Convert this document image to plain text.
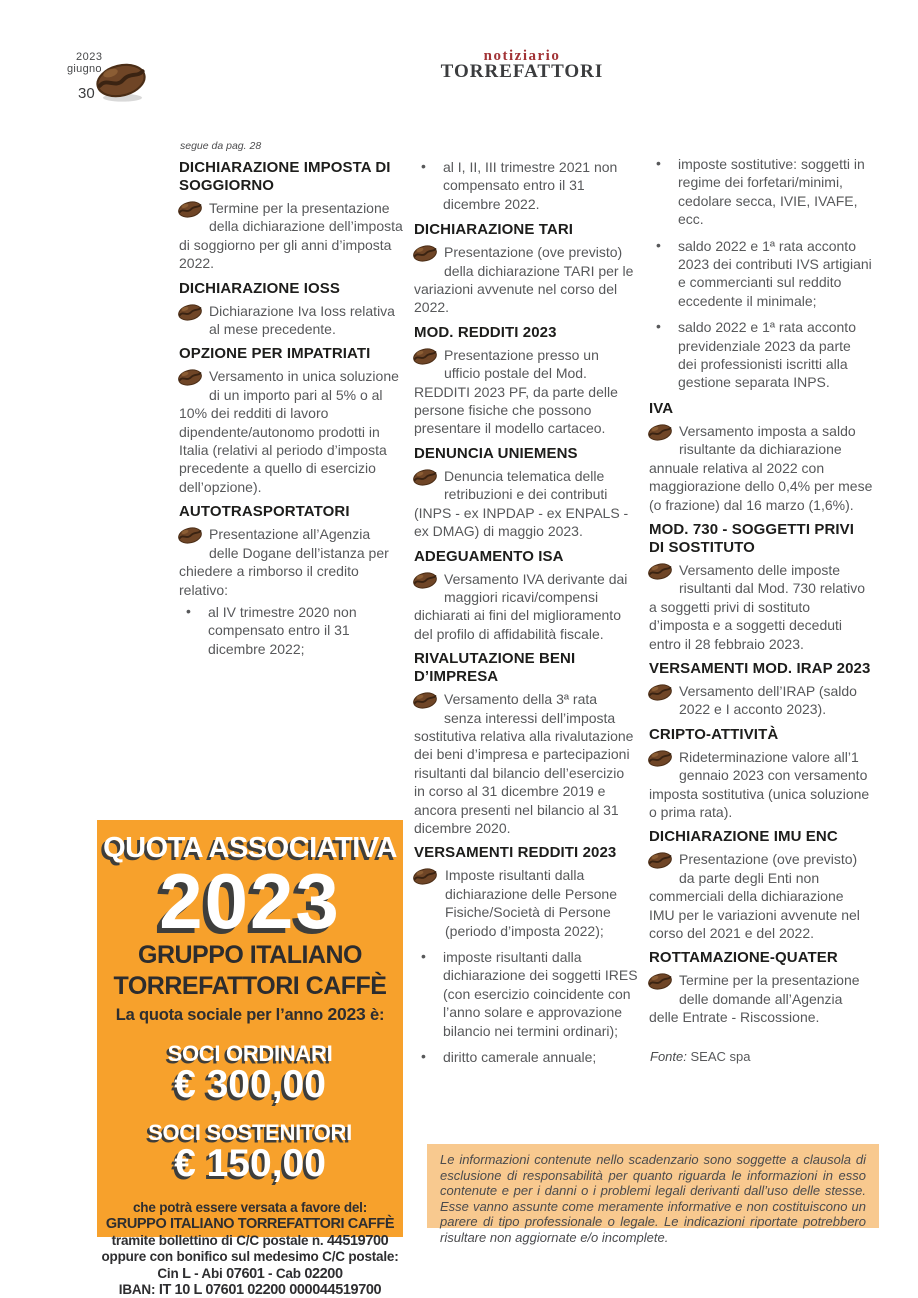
2023
giugno
30
notiziario
TORREFATTORI
segue da pag. 28
DICHIARAZIONE IMPOSTA DI SOGGIORNO

Termine per la presentazione della dichiarazione dell’imposta di soggiorno per gli anni d’imposta 2022.

DICHIARAZIONE IOSS

Dichiarazione Iva Ioss relativa al mese precedente.

OPZIONE PER IMPATRIATI

Versamento in unica soluzione di un importo pari al 5% o al 10% dei redditi di lavoro dipendente/autonomo prodotti in Italia (relativi al periodo d’imposta precedente a quello di esercizio dell’opzione).

AUTOTRASPORTATORI

Presentazione all’Agenzia delle Dogane dell’istanza per chiedere a rimborso il credito relativo:

• al IV trimestre 2020 non compensato entro il 31 dicembre 2022;
• al I, II, III trimestre 2021 non compensato entro il 31 dicembre 2022.
DICHIARAZIONE TARI

Presentazione (ove previsto) della dichiarazione TARI per le variazioni avvenute nel corso del 2022.

MOD. REDDITI 2023

Presentazione presso un ufficio postale del Mod. REDDITI 2023 PF, da parte delle persone fisiche che possono presentare il modello cartaceo.

DENUNCIA UNIEMENS

Denuncia telematica delle retribuzioni e dei contributi (INPS - ex INPDAP - ex ENPALS - ex DMAG) di maggio 2023.

ADEGUAMENTO ISA

Versamento IVA derivante dai maggiori ricavi/compensi dichiarati ai fini del miglioramento del profilo di affidabilità fiscale.

RIVALUTAZIONE BENI D’IMPRESA

Versamento della 3ª rata senza interessi dell’imposta sostitutiva relativa alla rivalutazione dei beni d’impresa e partecipazioni risultanti dal bilancio dell’esercizio in corso al 31 dicembre 2019 e ancora presenti nel bilancio al 31 dicembre 2020.

VERSAMENTI REDDITI 2023
Imposte risultanti dalla dichiarazione delle Persone Fisiche/Società di Persone (periodo d’imposta 2022);
• imposte risultanti dalla dichiarazione dei soggetti IRES (con esercizio coincidente con l’anno solare e approvazione bilancio nei termini ordinari);
• diritto camerale annuale;
• imposte sostitutive: soggetti in regime dei forfetari/minimi, cedolare secca, IVIE, IVAFE, ecc.
• saldo 2022 e 1ª rata acconto 2023 dei contributi IVS artigiani e commercianti sul reddito eccedente il minimale;
• saldo 2022 e 1ª rata acconto previdenziale 2023 da parte dei professionisti iscritti alla gestione separata INPS.
IVA

Versamento imposta a saldo risultante da dichiarazione annuale relativa al 2022 con maggiorazione dello 0,4% per mese (o frazione) dal 16 marzo (1,6%).

MOD. 730 - SOGGETTI PRIVI DI SOSTITUTO

Versamento delle imposte risultanti dal Mod. 730 relativo a soggetti privi di sostituto d’imposta e a soggetti deceduti entro il 28 febbraio 2023.

VERSAMENTI MOD. IRAP 2023

Versamento dell’IRAP (saldo 2022 e I acconto 2023).

CRIPTO-ATTIVITÀ

Rideterminazione valore all’1 gennaio 2023 con versamento imposta sostitutiva (unica soluzione o prima rata).

DICHIARAZIONE IMU ENC

Presentazione (ove previsto) da parte degli Enti non commerciali della dichiarazione IMU per le variazioni avvenute nel corso del 2021 e del 2022.

ROTTAMAZIONE-QUATER

Termine per la presentazione delle domande all’Agenzia delle Entrate - Riscossione.

Fonte: SEAC spa
QUOTA ASSOCIATIVA
2023
GRUPPO ITALIANO
TORREFATTORI CAFFÈ
La quota sociale per l’anno 2023 è:
SOCI ORDINARI
€ 300,00
SOCI SOSTENITORI
€ 150,00
che potrà essere versata a favore del:
GRUPPO ITALIANO TORREFATTORI CAFFÈ
tramite bollettino di C/C postale n. 44519700
oppure con bonifico sul medesimo C/C postale:
Cin L - Abi 07601 - Cab 02200
IBAN: IT 10 L 07601 02200 000044519700
Le informazioni contenute nello scadenzario sono soggette a clausola di esclusione di responsabilità per quanto riguarda le informazioni in esso contenute e per i danni o i problemi legali derivanti dall’uso delle stesse. Esse vanno assunte come meramente informative e non costituiscono un parere di tipo professionale o legale. Le indicazioni riportate potrebbero risultare non aggiornate e/o incomplete.
